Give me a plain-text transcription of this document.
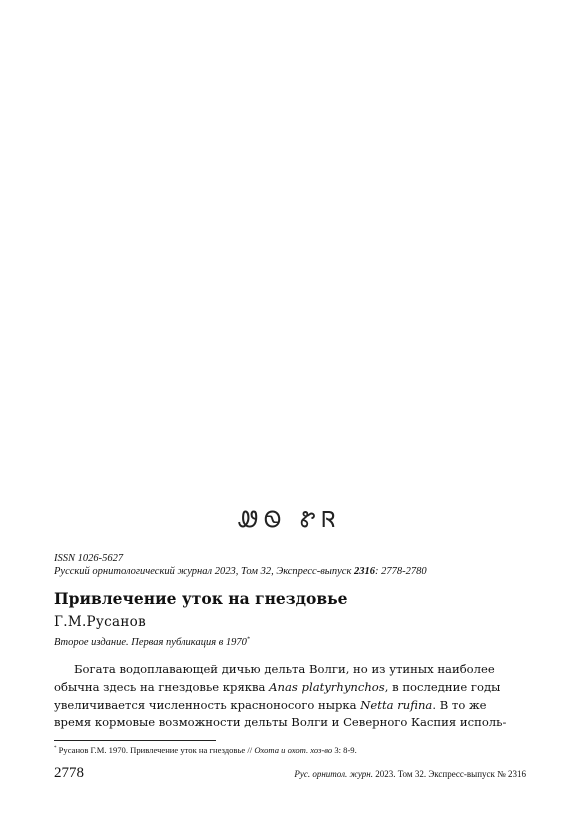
ᏪᏫ ᏑᏒ
ISSN 1026-5627
Русский орнитологический журнал 2023, Том 32, Экспресс-выпуск 2316: 2778-2780
Привлечение уток на гнездовье
Г.М.Русанов
Второе издание. Первая публикация в 1970*
Богата водоплавающей дичью дельта Волги, но из утиных наиболее
обычна здесь на гнездовье кряква Anas platyrhynchos, в последние годы
увеличивается численность красноносого нырка Netta rufina. В то же
время кормовые возможности дельты Волги и Северного Каспия исполь-
* Русанов Г.М. 1970. Привлечение уток на гнездовье // Охота и охот. хоз-во 3: 8-9.
2778	Рус. орнитол. журн. 2023. Том 32. Экспресс-выпуск № 2316
